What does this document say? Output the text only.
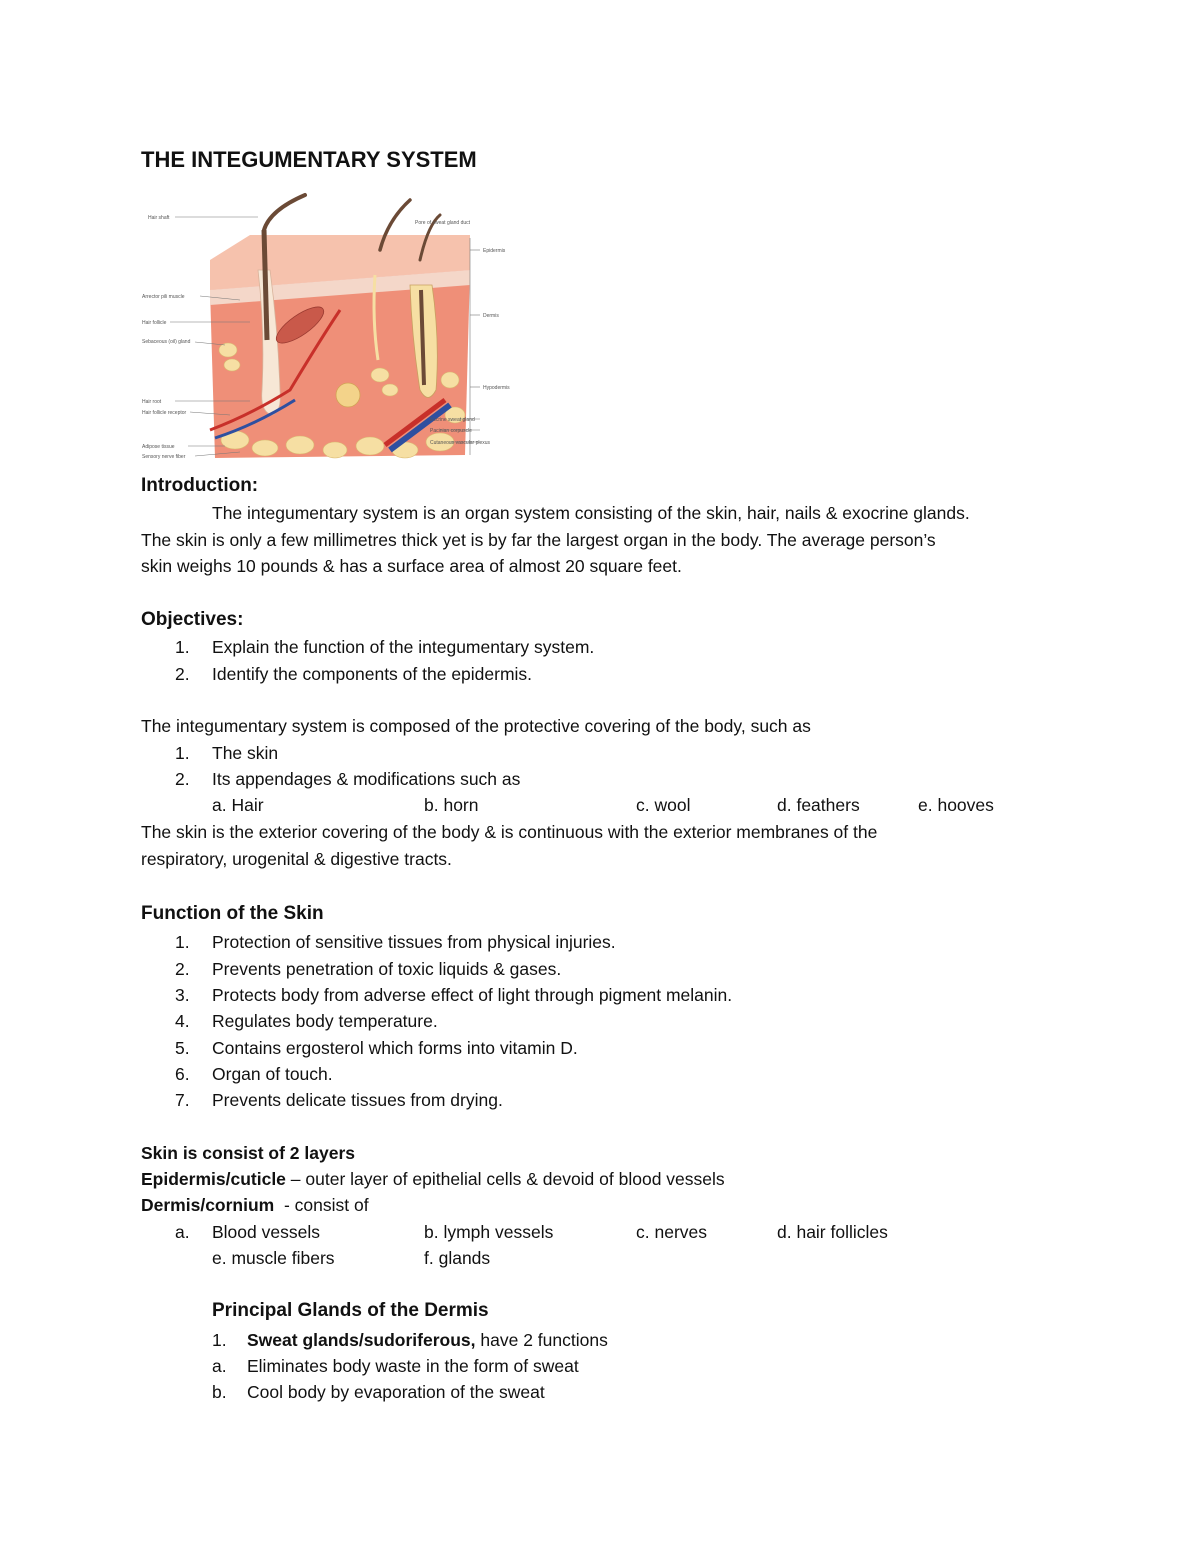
THE INTEGUMENTARY SYSTEM
Hair shaft
Pore of sweat gland duct
Epidermis
Arrector pili muscle
Hair follicle
Sebaceous (oil) gland
Dermis
Hypodermis
Hair root
Hair follicle receptor
Eccrine sweat gland
Pacinian corpuscle
Adipose tissue
Cutaneous vascular plexus
Sensory nerve fiber
Introduction:
The integumentary system is an organ system consisting of the skin, hair, nails & exocrine glands.
The skin is only a few millimetres thick yet is by far the largest organ in the body. The average person’s
skin weighs 10 pounds & has a surface area of almost 20 square feet.
Objectives:
1. Explain the function of the integumentary system.
2. Identify the components of the epidermis.
The integumentary system is composed of the protective covering of the body, such as
1. The skin
2. Its appendages & modifications such as
a. Hair	b. horn	c. wool	d. feathers	e. hooves
The skin is the exterior covering of the body & is continuous with the exterior membranes of the
respiratory, urogenital & digestive tracts.
Function of the Skin
1. Protection of sensitive tissues from physical injuries.
2. Prevents penetration of toxic liquids & gases.
3. Protects body from adverse effect of light through pigment melanin.
4. Regulates body temperature.
5. Contains ergosterol which forms into vitamin D.
6. Organ of touch.
7. Prevents delicate tissues from drying.
Skin is consist of 2 layers
Epidermis/cuticle – outer layer of epithelial cells & devoid of blood vessels
Dermis/cornium  - consist of
a. Blood vessels	b. lymph vessels	c. nerves	d. hair follicles
e. muscle fibers	f. glands
Principal Glands of the Dermis
1. Sweat glands/sudoriferous, have 2 functions
a. Eliminates body waste in the form of sweat
b. Cool body by evaporation of the sweat
